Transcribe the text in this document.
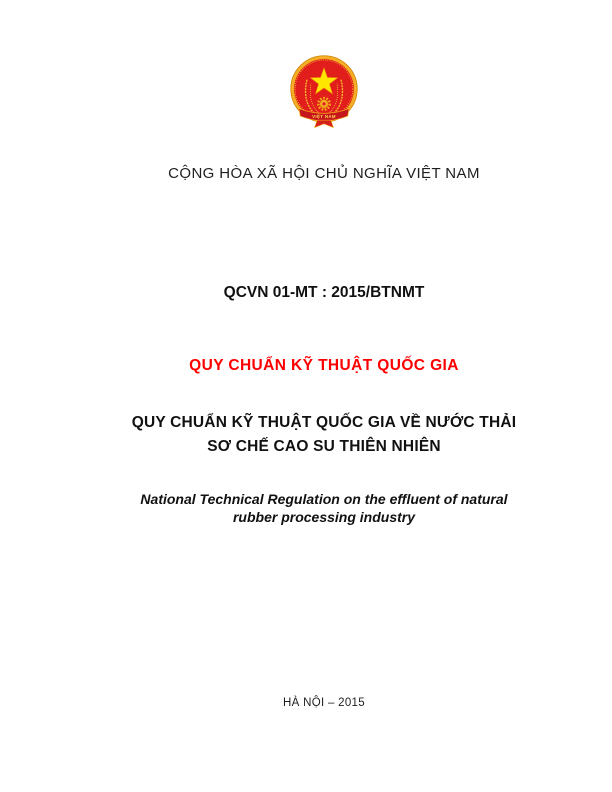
VIỆT NAM
CỘNG HÒA XÃ HỘI CHỦ NGHĨA VIỆT NAM
QCVN 01-MT : 2015/BTNMT
QUY CHUẨN KỸ THUẬT QUỐC GIA
QUY CHUẨN KỸ THUẬT QUỐC GIA VỀ NƯỚC THẢI
SƠ CHẾ CAO SU THIÊN NHIÊN
National Technical Regulation on the effluent of natural
rubber processing industry
HÀ NỘI – 2015
